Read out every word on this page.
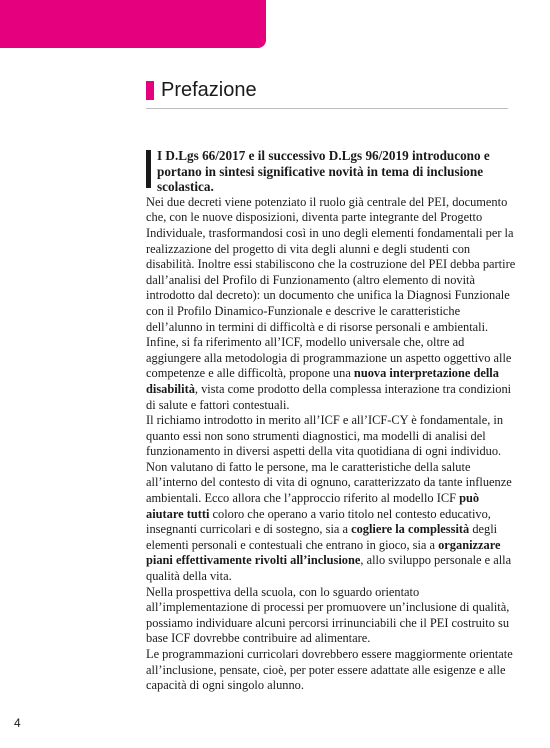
Prefazione
I D.Lgs 66/2017 e il successivo D.Lgs 96/2019 introducono e portano in sintesi significative novità in tema di inclusione scolastica.

Nei due decreti viene potenziato il ruolo già centrale del PEI, documento che, con le nuove disposizioni, diventa parte integrante del Progetto Individuale, trasformandosi così in uno degli elementi fondamentali per la realizzazione del progetto di vita degli alunni e degli studenti con disabilità. Inoltre essi stabiliscono che la costruzione del PEI debba partire dall’analisi del Profilo di Funzionamento (altro elemento di novità introdotto dal decreto): un documento che unifica la Diagnosi Funzionale con il Profilo Dinamico-Funzionale e descrive le caratteristiche dell’alunno in termini di difficoltà e di risorse personali e ambientali.

Infine, si fa riferimento all’ICF, modello universale che, oltre ad aggiungere alla metodologia di programmazione un aspetto oggettivo alle competenze e alle difficoltà, propone una nuova interpretazione della disabilità, vista come prodotto della complessa interazione tra condizioni di salute e fattori contestuali.

Il richiamo introdotto in merito all’ICF e all’ICF-CY è fondamentale, in quanto essi non sono strumenti diagnostici, ma modelli di analisi del funzionamento in diversi aspetti della vita quotidiana di ogni individuo. Non valutano di fatto le persone, ma le caratteristiche della salute all’interno del contesto di vita di ognuno, caratterizzato da tante influenze ambientali. Ecco allora che l’approccio riferito al modello ICF può aiutare tutti coloro che operano a vario titolo nel contesto educativo, insegnanti curricolari e di sostegno, sia a cogliere la complessità degli elementi personali e contestuali che entrano in gioco, sia a organizzare piani effettivamente rivolti all’inclusione, allo sviluppo personale e alla qualità della vita.

Nella prospettiva della scuola, con lo sguardo orientato all’implementazione di processi per promuovere un’inclusione di qualità, possiamo individuare alcuni percorsi irrinunciabili che il PEI costruito su base ICF dovrebbe contribuire ad alimentare.

Le programmazioni curricolari dovrebbero essere maggiormente orientate all’inclusione, pensate, cioè, per poter essere adattate alle esigenze e alle capacità di ogni singolo alunno.

4
